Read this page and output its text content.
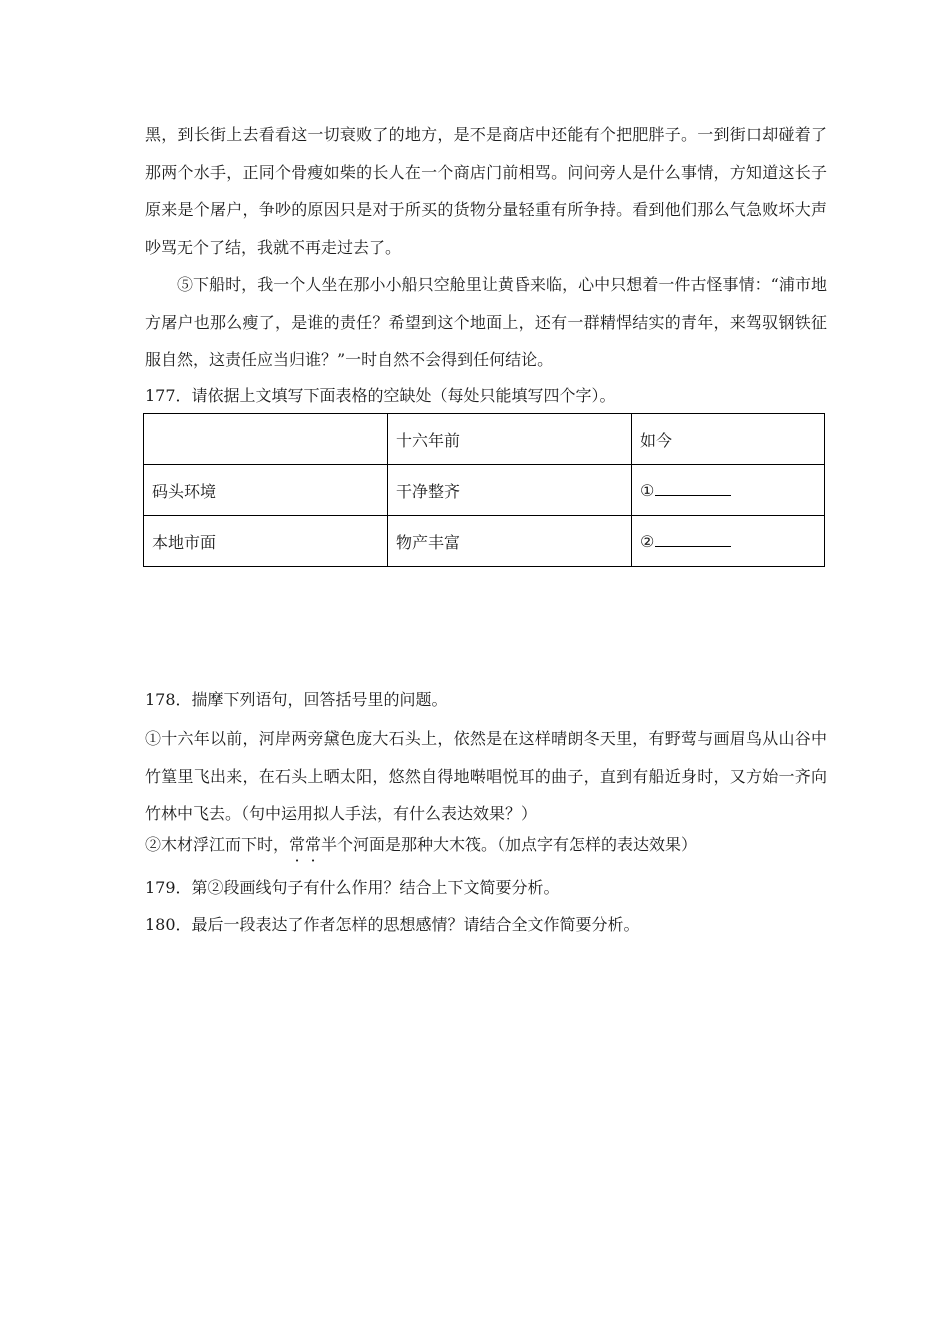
黑，到长街上去看看这一切衰败了的地方，是不是商店中还能有个把肥胖子。一到街口却碰着了那两个水手，正同个骨瘦如柴的长人在一个商店门前相骂。问问旁人是什么事情，方知道这长子原来是个屠户，争吵的原因只是对于所买的货物分量轻重有所争持。看到他们那么气急败坏大声吵骂无个了结，我就不再走过去了。

⑤下船时，我一个人坐在那小小船只空舱里让黄昏来临，心中只想着一件古怪事情：“浦市地方屠户也那么瘦了，是谁的责任？希望到这个地面上，还有一群精悍结实的青年，来驾驭钢铁征服自然，这责任应当归谁？”一时自然不会得到任何结论。

177．请依据上文填写下面表格的空缺处（每处只能填写四个字）。

	十六年前	如今
码头环境	干净整齐	①
本地市面	物产丰富	②

178．揣摩下列语句，回答括号里的问题。

①十六年以前，河岸两旁黛色庞大石头上，依然是在这样晴朗冬天里，有野莺与画眉鸟从山谷中竹篁里飞出来，在石头上晒太阳，悠然自得地啭唱悦耳的曲子，直到有船近身时，又方始一齐向竹林中飞去。（句中运用拟人手法，有什么表达效果？）

②木材浮江而下时，常常半个河面是那种大木筏。（加点字有怎样的表达效果）

179．第②段画线句子有什么作用？结合上下文简要分析。

180．最后一段表达了作者怎样的思想感情？请结合全文作简要分析。
